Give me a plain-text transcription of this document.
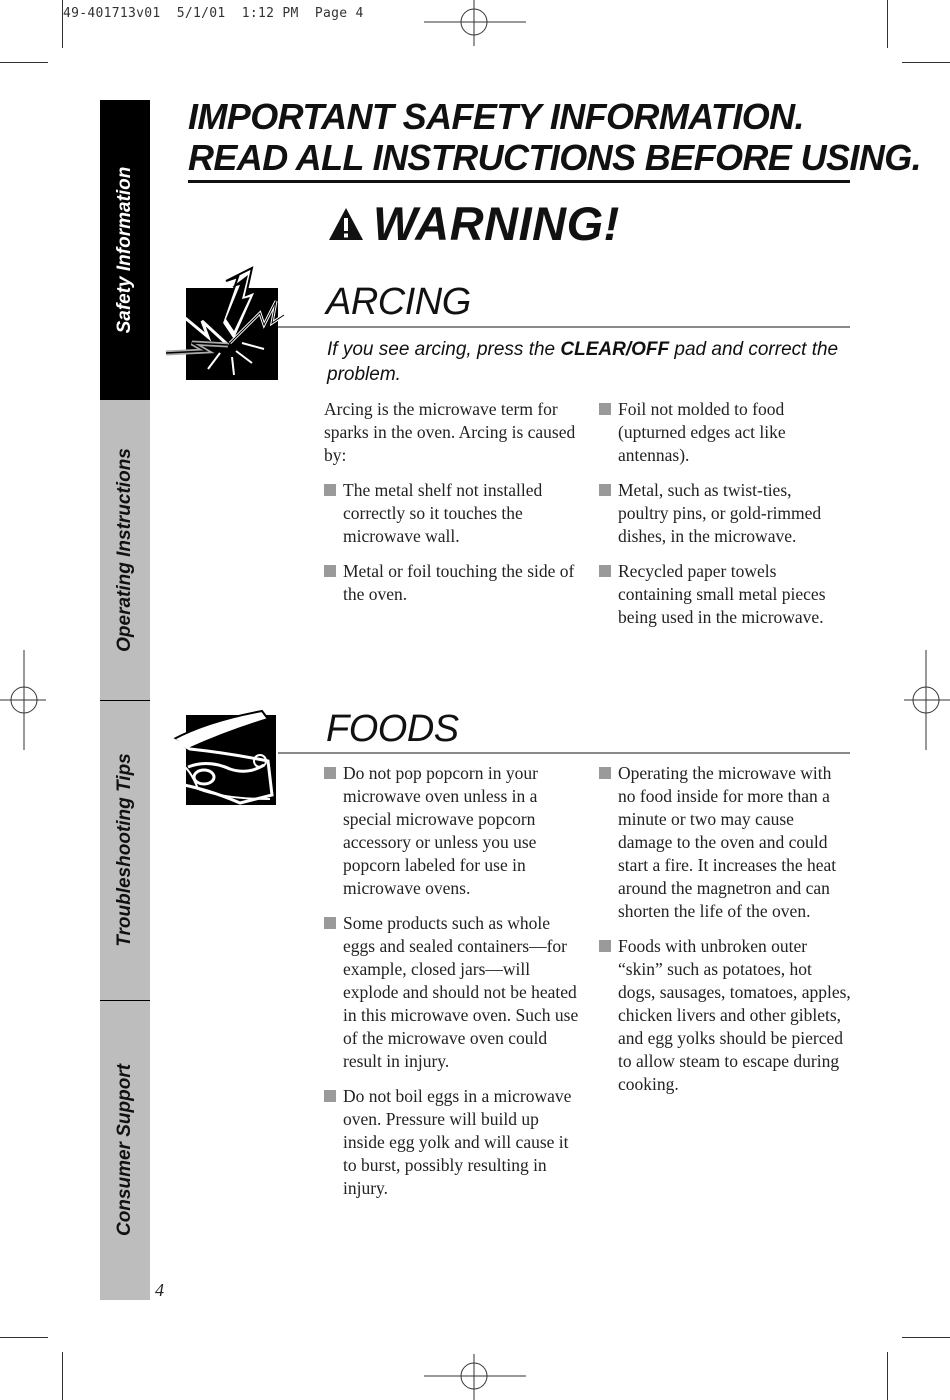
49-401713v01  5/1/01  1:12 PM  Page 4
Safety Information
Operating Instructions
Troubleshooting Tips
Consumer Support
IMPORTANT SAFETY INFORMATION.
READ ALL INSTRUCTIONS BEFORE USING.
WARNING!
ARCING
If you see arcing, press the CLEAR/OFF pad and correct the problem.

Arcing is the microwave term for sparks in the oven. Arcing is caused by:

The metal shelf not installed correctly so it touches the microwave wall.
Metal or foil touching the side of the oven.
Foil not molded to food (upturned edges act like antennas).
Metal, such as twist-ties, poultry pins, or gold-rimmed dishes, in the microwave.
Recycled paper towels containing small metal pieces being used in the microwave.
FOODS
Do not pop popcorn in your microwave oven unless in a special microwave popcorn accessory or unless you use popcorn labeled for use in microwave ovens.
Some products such as whole eggs and sealed containers—for example, closed jars—will explode and should not be heated in this microwave oven. Such use of the microwave oven could result in injury.
Do not boil eggs in a microwave oven. Pressure will build up inside egg yolk and will cause it to burst, possibly resulting in injury.
Operating the microwave with no food inside for more than a minute or two may cause damage to the oven and could start a fire. It increases the heat around the magnetron and can shorten the life of the oven.
Foods with unbroken outer “skin” such as potatoes, hot dogs, sausages, tomatoes, apples, chicken livers and other giblets, and egg yolks should be pierced to allow steam to escape during cooking.
4
